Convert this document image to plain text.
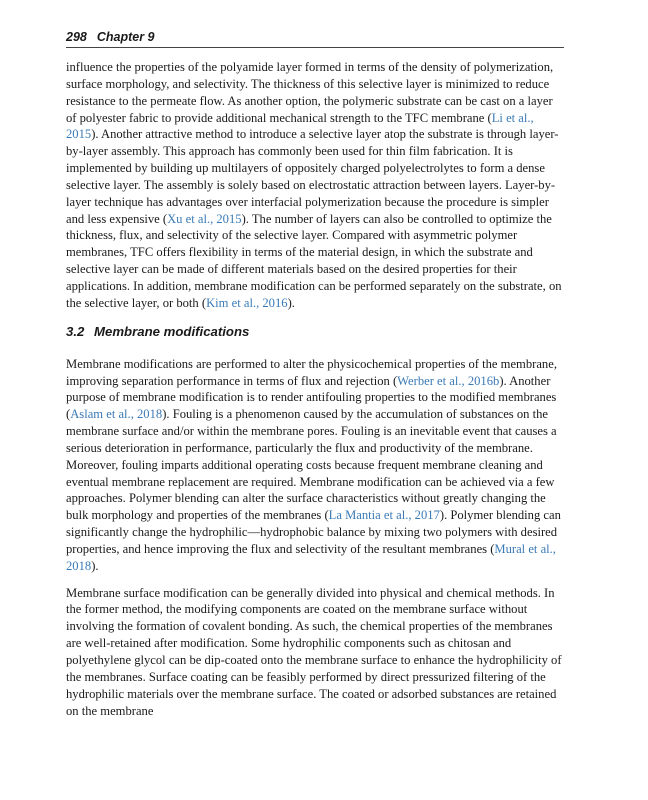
298 Chapter 9

influence the properties of the polyamide layer formed in terms of the density of polymerization, surface morphology, and selectivity. The thickness of this selective layer is minimized to reduce resistance to the permeate flow. As another option, the polymeric substrate can be cast on a layer of polyester fabric to provide additional mechanical strength to the TFC membrane (Li et al., 2015). Another attractive method to introduce a selective layer atop the substrate is through layer-by-layer assembly. This approach has commonly been used for thin film fabrication. It is implemented by building up multilayers of oppositely charged polyelectrolytes to form a dense selective layer. The assembly is solely based on electrostatic attraction between layers. Layer-by-layer technique has advantages over interfacial polymerization because the procedure is simpler and less expensive (Xu et al., 2015). The number of layers can also be controlled to optimize the thickness, flux, and selectivity of the selective layer. Compared with asymmetric polymer membranes, TFC offers flexibility in terms of the material design, in which the substrate and selective layer can be made of different materials based on the desired properties for their applications. In addition, membrane modification can be performed separately on the substrate, on the selective layer, or both (Kim et al., 2016).

3.2 Membrane modifications

Membrane modifications are performed to alter the physicochemical properties of the membrane, improving separation performance in terms of flux and rejection (Werber et al., 2016b). Another purpose of membrane modification is to render antifouling properties to the modified membranes (Aslam et al., 2018). Fouling is a phenomenon caused by the accumulation of substances on the membrane surface and/or within the membrane pores. Fouling is an inevitable event that causes a serious deterioration in performance, particularly the flux and productivity of the membrane. Moreover, fouling imparts additional operating costs because frequent membrane cleaning and eventual membrane replacement are required. Membrane modification can be achieved via a few approaches. Polymer blending can alter the surface characteristics without greatly changing the bulk morphology and properties of the membranes (La Mantia et al., 2017). Polymer blending can significantly change the hydrophilic—hydrophobic balance by mixing two polymers with desired properties, and hence improving the flux and selectivity of the resultant membranes (Mural et al., 2018).

Membrane surface modification can be generally divided into physical and chemical methods. In the former method, the modifying components are coated on the membrane surface without involving the formation of covalent bonding. As such, the chemical properties of the membranes are well-retained after modification. Some hydrophilic components such as chitosan and polyethylene glycol can be dip-coated onto the membrane surface to enhance the hydrophilicity of the membranes. Surface coating can be feasibly performed by direct pressurized filtering of the hydrophilic materials over the membrane surface. The coated or adsorbed substances are retained on the membrane
